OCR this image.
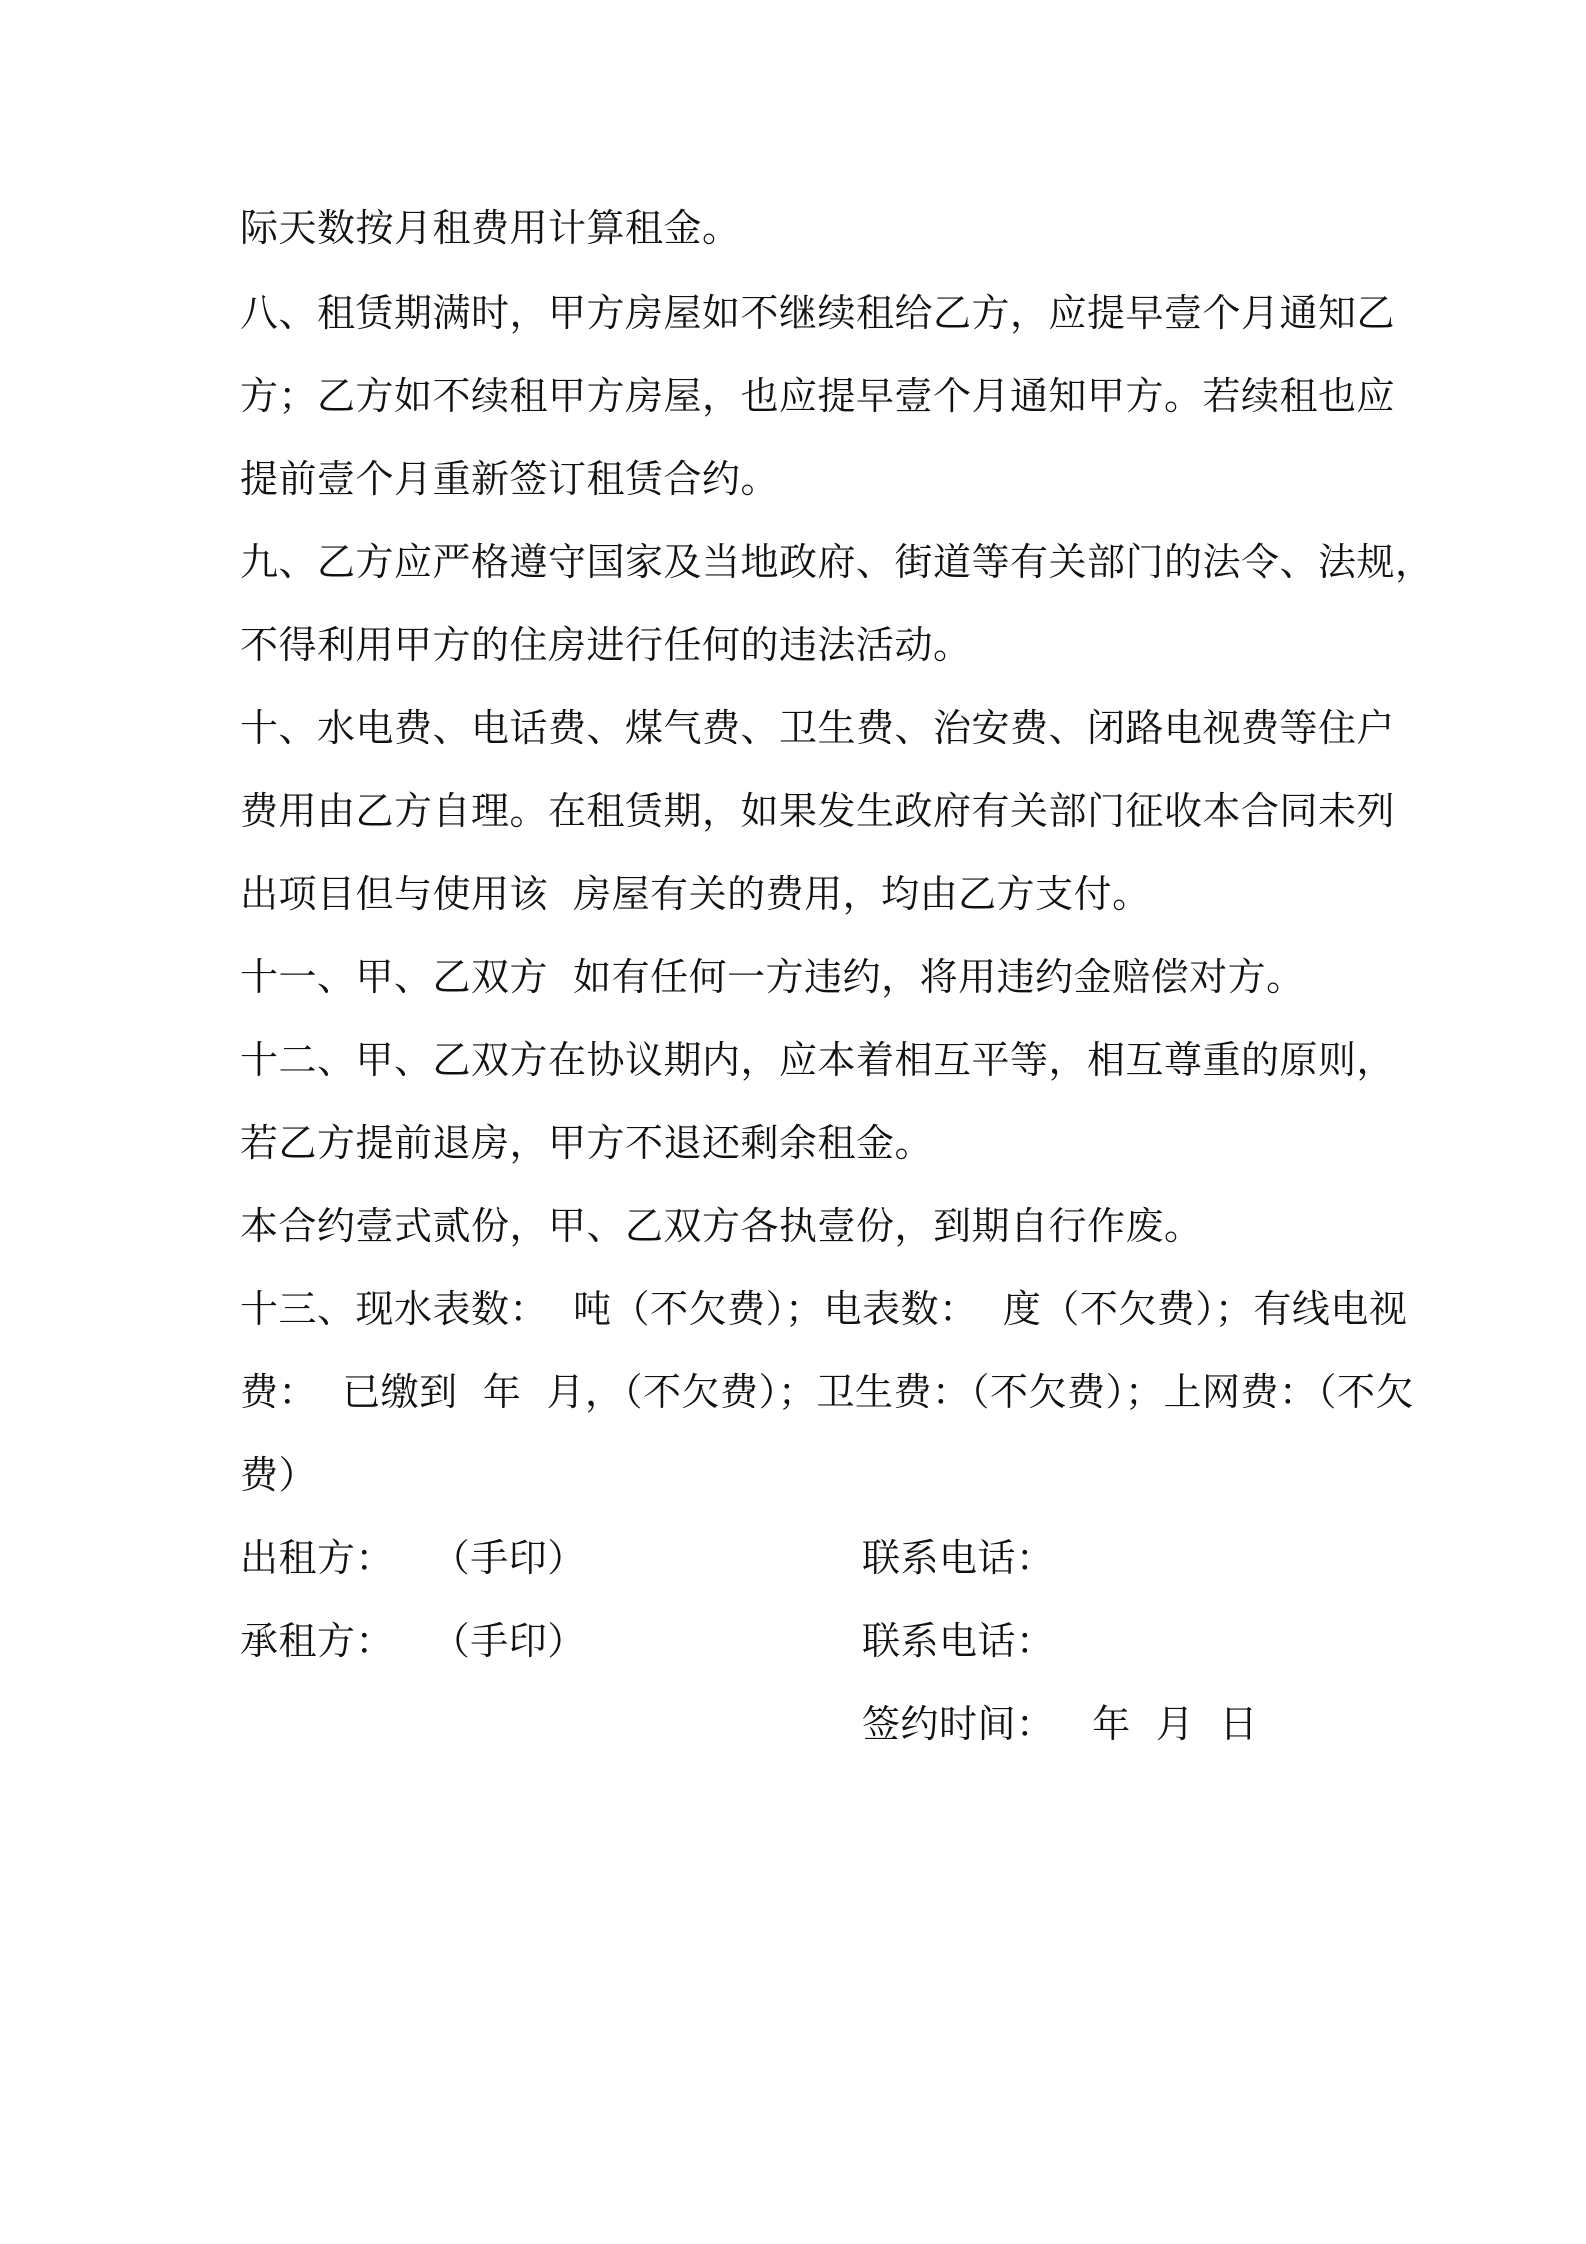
际天数按月租费用计算租金。
八、租赁期满时，甲方房屋如不继续租给乙方，应提早壹个月通知乙
方；乙方如不续租甲方房屋，也应提早壹个月通知甲方。若续租也应
提前壹个月重新签订租赁合约。
九、乙方应严格遵守国家及当地政府、街道等有关部门的法令、法规，
不得利用甲方的住房进行任何的违法活动。
十、水电费、电话费、煤气费、卫生费、治安费、闭路电视费等住户
费用由乙方自理。在租赁期，如果发生政府有关部门征收本合同未列
出项目但与使用该  房屋有关的费用，均由乙方支付。
十一、甲、乙双方  如有任何一方违约，将用违约金赔偿对方。
十二、甲、乙双方在协议期内，应本着相互平等，相互尊重的原则，
若乙方提前退房，甲方不退还剩余租金。
本合约壹式贰份，甲、乙双方各执壹份，到期自行作废。
十三、现水表数：  吨（不欠费）；电表数：  度（不欠费）；有线电视
费：  已缴到  年  月，（不欠费）；卫生费：（不欠费）；上网费：（不欠
费）
出租方：   （手印）	联系电话：
承租方：   （手印）	联系电话：
签约时间：   年  月  日
